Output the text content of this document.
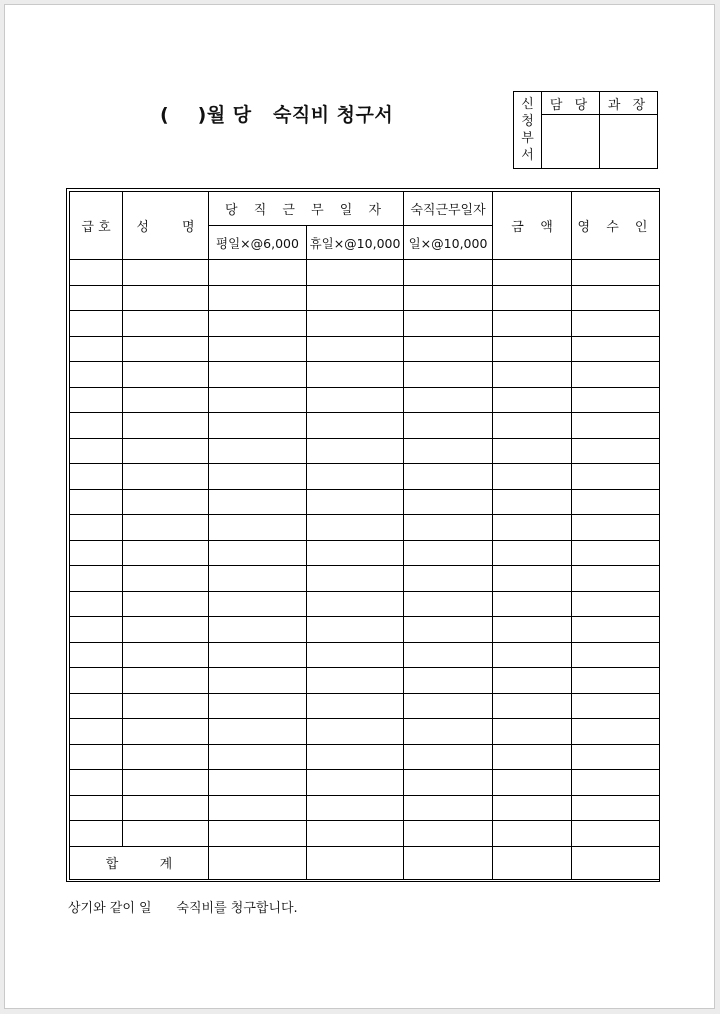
(    )월 당   숙직비 청구서	신
청
부
서	담 당	과 장

급 호	성        명	당 직 근 무 일 자		숙직근무일자	금    액	영 수 인
		평일×@6,000	휴일×@10,000	일×@10,000		

합          계						
상기와 같이 일      숙직비를 청구합니다.
